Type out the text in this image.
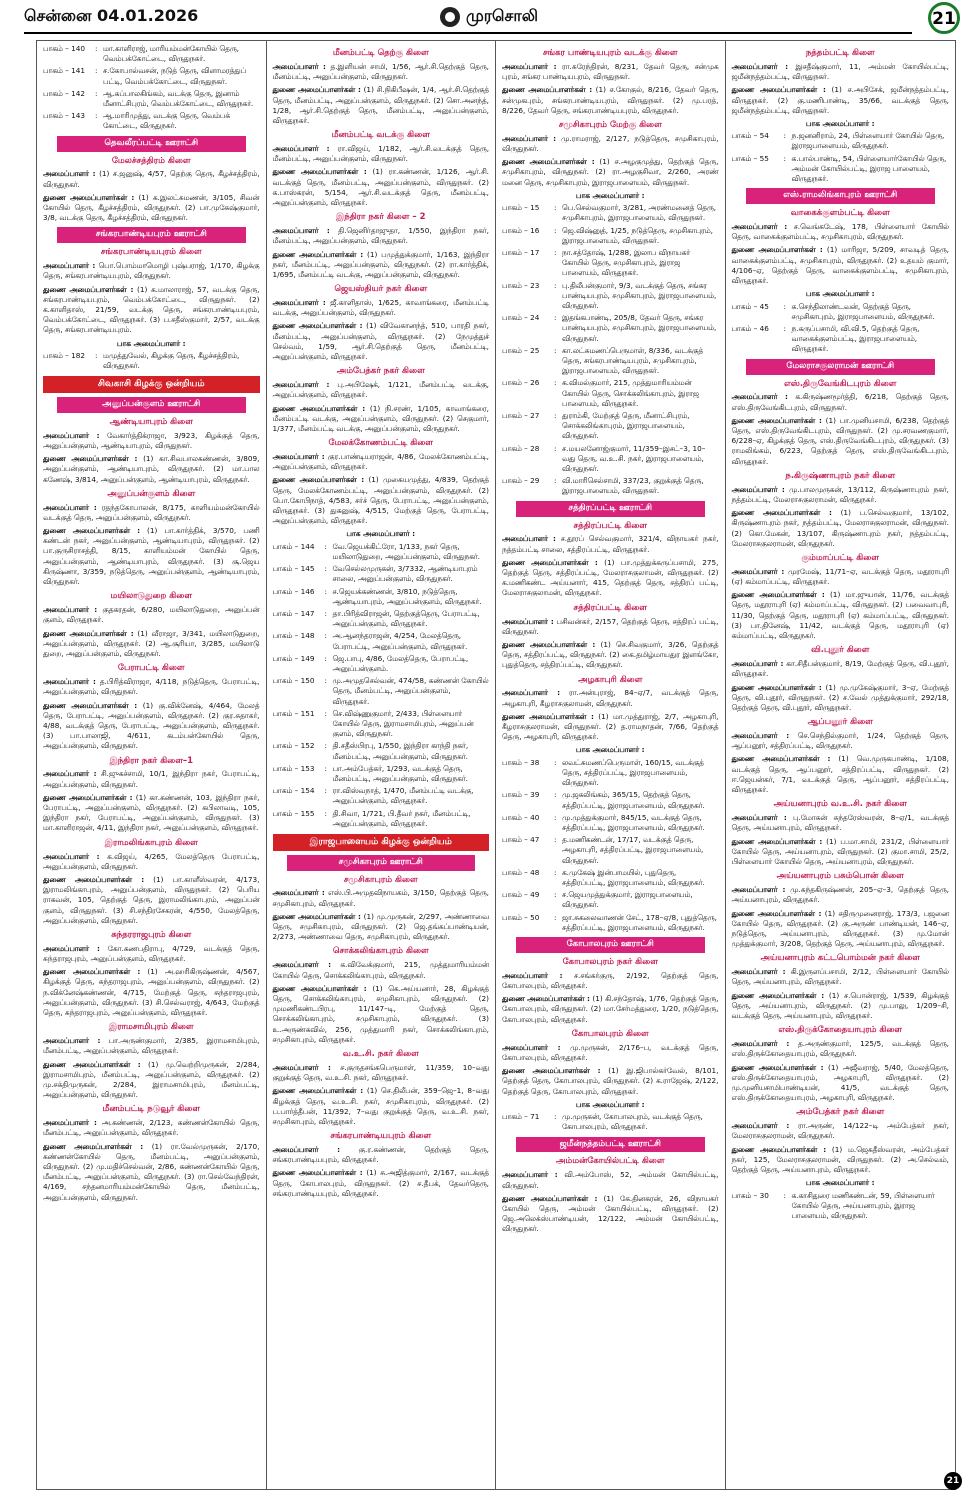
சென்னை 04.01.2026	முரசொலி	21
பாகம் – 140	: மா.காளிராஜ், மாரியம்மன்கோயில் தெரு, வெம்பக்கோட்டை, விருதுநகர்.
பாகம் – 141	: ச.கோபால்வசன், நடுத் தெரு, விளாமரத்துப் பட்டி, வெம்பக்கோட்டை, விருதுநகர்.
பாகம் – 142	: ஆ.கப்பாலகிங்கம், வடக்கு தெரு, இனாம் மீனாட்சிபுரம், வெம்பக்கோட்டை, விருதுநகர்.
பாகம் – 143	: ஆ.மாரிமுத்து, வடக்கு தெரு, வெம்பக் கோட்டை, விருதுநகர்.
தெவலீரப்பட்டி ஊராட்சி
மேலச்சத்திரம் கிளை
அமைப்பாளர் : (1) ச.ஜனுஷ், 4/57, தெற்கு தெரு, கீழச்சத்திரம், விருதுநகர்.
துணை அமைப்பாளர்கள் : (1) க.இலட்சுமணன், 3/105, சிவன் கோயில் தெரு, கீழச்சத்திரம், விருதுநகர். (2) பா.முகேஷ்குமார், 3/8, வடக்கு தெரு, கீழச்சத்திரம், விருதுநகர்.
சங்கரபாண்டியபுரம் ஊராட்சி
சங்கரபாண்டியபுரம் கிளை
அமைப்பாளர் : பொ.பொம்மாமொழி புஷ்பராஜ், 1/170, கிழக்கு தெரு, சங்கரபாண்டியபுரம், விருதுநகர்.
துணை அமைப்பாளர்கள் : (1) க.மாலாராஜ், 57, வடக்கு தெரு, சங்கரபாண்டியபுரம், வெம்பக்கோட்டை, விருதுநகர். (2) க.காளிதாஸ், 21/59, வடக்கு தெரு, சங்கரபாண்டியபுரம், வெம்பக்கோட்டை, விருதுநகர். (3) ப.சதீஸ்குமார், 2/57, வடக்கு தெரு, சங்கரபாண்டியபுரம்.
பாக அமைப்பாளர் :
பாகம் – 182	: மமுத்துவேல், கிழக்கு தெரு, கீழச்சத்திரம், விருதுநகர்.
சிவகாசி கிழக்கு ஒன்றியம்
அனுப்பன்குளம் ஊராட்சி
ஆண்டியாபுரம் கிளை
அமைப்பாளர் : வேகார்த்திக்ராஜா, 3/923, கிழக்குத் தெரு, அனுப்பன்குளம், ஆண்டியாபுரம், விருதுநகர்.
துணை அமைப்பாளர்கள் : (1) கா.சிவபாலகண்ணன், 3/809, அனுப்பன்குளம், ஆண்டியாபுரம், விருதுநகர். (2) மா.பால கணேஷ், 3/814, அனுப்பன்குளம், ஆண்டியாபுரம், விருதுநகர்.
அனுப்பன்குளம் கிளை
அமைப்பாளர் : ரதந்தகோபாலன், 8/175, காளியம்மன்கோயில் வடக்குத் தெரு, அனுப்பன்குளம், விருதுநகர்.
துணை அமைப்பாளர்கள் : (1) பா.கார்த்திக், 3/570, பணி கண்டன் நகர், அனுப்பன்குளம், ஆண்டியாபுரம், விருதுநகர். (2) பா.குருசிராசத்தி, 8/15, காளியம்மன் கோயில் தெரு, அனுப்பன்குளம், ஆண்டியாபுரம், விருதுநகர். (3) சூ.ஜெய கிருஷ்ணா, 3/359, நடுத்தெரு, அனுப்பன்குளம், ஆண்டியாபுரம், விருதுநகர்.
மயிலாடுதுறை கிளை
அமைப்பாளர் : குதகரதன், 6/280, மயிலாடுதுறை, அனுப்பன் குளம், விருதுநகர்.
துணை அமைப்பாளர்கள் : (1) வீராஜா, 3/341, மயிலாடுதுறை, அனுப்பன்குளம், விருதுநகர். (2) ஆ.சூரியா, 3/285, மயிலாடு துறை, அனுப்பன்குளம், விருதுநகர்.
பேராபட்டி கிளை
அமைப்பாளர் : த.பிரித்விராஜா, 4/118, நடுத்தெரு, பேராபட்டி, அனுப்பன்குளம், விருதுநகர்.
துணை அமைப்பாளர்கள் : (1) கு.விக்னேஷ், 4/464, மேலத் தெரு, பேராபட்டி, அனுப்பன்குளம், விருதுநகர். (2) குர.சுதாகர், 4/88, வடக்குத் தெரு, பேராபட்டி, அனுப்பன்குளம், விருதுநகர். (3) பா.பாலாஜி, 4/611, கடம்பன்கோயில் தெரு, அனுப்பன்குளம், விருதுநகர்.
இந்திரா நகர் கிளை–1
அமைப்பாளர் : சி.ஜுகச்சாமி, 10/1, இந்திரா நகர், பேராபட்டி, அனுப்பன்குளம், விருதுநகர்.
துணை அமைப்பாளர்கள் : (1) கா.கண்ணன், 103, இந்திரா நகர், பேராபட்டி, அனுப்பன்குளம், விருதுநகர். (2) கபிலாவடி, 105, இந்திரா நகர், பேராபட்டி, அனுப்பன்குளம், விருதுநகர். (3) மா.காளிராஜன், 4/11, இந்திரா நகர், அனுப்பன்குளம், விருதுநகர்.
இராமலிங்காபுரம் கிளை
அமைப்பாளர் : க.விஜய், 4/265, மேலத்தெரு பேராபட்டி, அனுப்பன்குளம், விருதுநகர்.
துணை அமைப்பாளர்கள் : (1) பா.காளீஸ்வரன், 4/173, இராமலிங்காபுரம், அனுப்பன்குளம், விருதுநகர். (2) பெரிய ராகவன், 105, தெற்குத் தெரு, இராமலிங்காபுரம், அனுப்பன் குளம், விருதுநகர். (3) சி.சந்திரசேகரன், 4/550, மேலத்தெரு, அனுப்பன்குளம், விருதுநகர்.
சுந்தரராஜபுரம் கிளை
அமைப்பாளர் : கோ.கணபதிராபு, 4/729, வடக்குத் தெரு, சுந்தராஜபுரம், அனுப்பன்குளம், விருதுநகர்.
துணை அமைப்பாளர்கள் : (1) அ.ஹரிகிருஷ்ணன், 4/567, கிழக்குத் தெரு, சுந்தராஜபுரம், அனுப்பன்குளம், விருதுநகர். (2) ந.விக்னேஷ்கண்ணன், 4/715, மேற்குத் தெரு, சுந்தராஜபுரம், அனுப்பன்குளம், விருதுநகர். (3) சி.செல்வராஜ், 4/643, மேற்குத் தெரு, சுந்தராஜபுரம், அனுப்பன்குளம், விருதுநகர்.
இராமசாமிபுரம் கிளை
அமைப்பாளர் : பா.அருண்குமார், 2/385, இராமசாமிபுரம், மீனம்பட்டி, அனுப்பன்குளம், விருதுநகர்.
துணை அமைப்பாளர்கள் : (1) மு.வெற்றிமுருகன், 2/284, இராமசாமிபுரம், மீனம்பட்டி, அனுப்பன்குளம், விருதுநகர். (2) மு.சக்திமுருகன், 2/284, இராமசாமிபுரம், மீனம்பட்டி, அனுப்பன்குளம், விருதுநகர்.
மீனம்பட்டி நடுவூர் கிளை
அமைப்பாளர் : அ.கண்ணன், 2/123, கண்ணன்கோயில் தெரு, மீனம்பட்டி, அனுப்பன்குளம், விருதுநகர்.
துணை அமைப்பாளர்கள் : (1) ரா.வேல்முருகன், 2/170, கண்ணன்கோயில் தெரு, மீனம்பட்டி, அனுப்பன்குளம், விருதுநகர். (2) மு.மதிச்செல்வன், 2/86, கண்ணன்கோயில் தெரு, மீனம்பட்டி, அனுப்பன்குளம், விருதுநகர். (3) ரா.செல்வேந்திரன், 4/169, சந்தனமாரியம்மன்கோயில் தெரு, மீனம்பட்டி, அனுப்பன்குளம், விருதுநகர்.
மீனம்பட்டி தெற்கு கிளை
அமைப்பாளர் : த.இளியன் சாமி, 1/56, ஆர்.சி.தெற்குத் தெரு, மீனம்பட்டி, அனுப்பன்குளம், விருதுநகர்.
துணை அமைப்பாளர்கள் : (1) சி.நிகிபீஷன், 1/4, ஆர்.சி.தெற்குத் தெரு, மீனம்பட்டி, அனுப்பன்குளம், விருதுநகர். (2) சொ.அனந்த், 1/28, ஆர்.சி.தெற்குத் தெரு, மீனம்பட்டி, அனுப்பன்குளம், விருதுநகர்.
மீனம்பட்டி வடக்கு கிளை
அமைப்பாளர் : ரா.விஜய், 1/182, ஆர்.சி.வடக்குத் தெரு, மீனம்பட்டி, அனுப்பன்குளம், விருதுநகர்.
துணை அமைப்பாளர்கள் : (1) ரா.கண்ணன், 1/126, ஆர்.சி. வடக்குத் தெரு, மீனம்பட்டி, அனுப்பன்குளம், விருதுநகர். (2) க.பாஸ்கரன், 5/154, ஆர்.சி.வடக்குத் தெரு, மீனம்பட்டி, அனுப்பன்குளம், விருதுநகர்.
இந்திரா நகர் கிளை – 2
அமைப்பாளர் : தி.ஜெனிர்தாஜுதா, 1/550, இந்திரா நகர், மீனம்பட்டி, அனுப்பன்குளம், விருதுநகர்.
துணை அமைப்பாளர்கள் : (1) பமுத்துக்குமார், 1/163, இந்திரா நகர், மீனம்பட்டி, அனுப்பன்குளம், விருதுநகர். (2) ரா.கார்த்திக், 1/695, மீனம்பட்டி வடக்கு, அனுப்பன்குளம், விருதுநகர்.
ஜெயஸ்தியர் நகர் கிளை
அமைப்பாளர் : ஜீ.காளிதாஸ், 1/625, காவாங்கரை, மீனம்பட்டி வடக்கு, அனுப்பன்குளம், விருதுநகர்.
துணை அமைப்பாளர்கள் : (1) விவேகானந்த், 510, பாரதி நகர், மீனம்பட்டி, அனுப்பன்குளம், விருதுநகர். (2) நேமுத்துச் செல்வம், 1/59, ஆர்.சி.தெற்குத் தெரு, மீனம்பட்டி, அனுப்பன்குளம், விருதுநகர்.
அம்பேத்கர் நகர் கிளை
அமைப்பாளர் : பு.அபிஷேக், 1/121, மீனம்பட்டி வடக்கு, அனுப்பன்குளம், விருதுநகர்.
துணை அமைப்பாளர்கள் : (1) நி.சரண், 1/105, காவாங்கரை, மீனம்பட்டி வடக்கு, அனுப்பன்குளம், விருதுநகர். (2) செகுமார், 1/377, மீனம்பட்டி வடக்கு, அனுப்பன்குளம், விருதுநகர்.
மேலக்கோணம்பட்டி கிளை
அமைப்பாளர் : குர.பாண்டியராஜன், 4/86, மேலக்கோணம்பட்டி, அனுப்பன்குளம், விருதுநகர்.
துணை அமைப்பாளர்கள் : (1) முகையமுத்து, 4/839, தெற்குத் தெரு, மேலக்கோணம்பட்டி, அனுப்பன்குளம், விருதுநகர். (2) பொ.கோபிநாத், 4/583, சர்ச் தெரு, பேராபட்டி, அனுப்பன்குளம், விருதுநகர். (3) துகனுஷ், 4/515, மேற்குத் தெரு, பேராபட்டி, அனுப்பன்குளம், விருதுநகர்.
பாக அமைப்பாளர் :
பாகம் – 144	: வே.ஜெயக்கிட்ரோ, 1/133, நகர் தெரு, மயிலாடுதுறை, அனுப்பன்குளம், விருதுநகர்.
பாகம் – 145	: வேசெல்லமுருகன், 3/7332, ஆண்டியாபுரம் சாலை, அனுப்பன்குளம், விருதுநகர்.
பாகம் – 146	: ச.ஜெயக்கண்ணன், 3/810, நடுத்தெரு, ஆண்டியாபுரம், அனுப்பன்குளம், விருதுநகர்.
பாகம் – 147	: தா.பிரித்விராஜன், தெற்குத்தெரு, பேராபட்டி, அனுப்பன்குளம், விருதுநகர்.
பாகம் – 148	: அ.ஆனந்தராஜன், 4/254, மேலத்தெரு, பேராபட்டி, அனுப்பன்குளம், விருதுநகர்.
பாகம் – 149	: ஜெ.பாபு, 4/86, மேலத்தெரு, பேராபட்டி, அனுப்பன்குளம்.
பாகம் – 150	: மு.அமுதசெல்வன், 474/58, கண்ணன் கோயில் தெரு, மீனம்பட்டி, அனுப்பன்குளம், விருதுநகர்.
பாகம் – 151	: செ.விஷ்ணுகுமார், 2/433, பிள்ளையார் கோயில் தெரு, இராமசாமிபுரம், அனுப்பன் குளம், விருதுநகர்.
பாகம் – 152	: தி.சதீஸ்பிரபு, 1/550, இந்திரா காந்தி நகர், மீனம்பட்டி, அனுப்பன்குளம், விருதுநகர்.
பாகம் – 153	: பா.அம்பேத்கர், 1/293, வடக்குத் தெரு, மீனம்பட்டி, அனுப்பன்குளம், விருதுநகர்.
பாகம் – 154	: ரா.விஸ்வநாத், 1/470, மீனம்பட்டி வடக்கு, அனுப்பன்குளம், விருதுநகர்.
பாகம் – 155	: தி.சிவா, 1/721, பி.தீவர் நகர், மீனம்பட்டி, அனுப்பன்குளம், விருதுநகர்.
இராஜபாளையம் கிழக்கு ஒன்றியம்
சமுசிகாபுரம் ஊராட்சி
சமுசிகாபுரம் கிளை
அமைப்பாளர் : எஸ்.பி.அமுதவிநாயகம், 3/150, தெற்குத் தெரு, சமுசிகாபுரம், விருதுநகர்.
துணை அமைப்பாளர்கள் : (1) மு.முருகன், 2/297, அண்ணாவை தெரு, சமுசிகாபுரம், விருதுநகர். (2) ஜெ.தங்கப்பாண்டியன், 2/273, அண்ணாவை தெரு, சமுசிகாபுரம், விருதுநகர்.
சொக்கலிங்காபுரம் கிளை
அமைப்பாளர் : க.விவேக்குமார், 215, முத்துமாரியம்மன் கோயில் தெரு, சொக்கலிங்காபுரம், விருதுநகர்.
துணை அமைப்பாளர்கள் : (1) கெ.அய்யனார், 28, கிழக்குத் தெரு, சொக்கலிங்காபுரம், சமுசிகாபுரம், விருதுநகர். (2) முமணிகண்டபிரபு, 11/147–டி, மேற்குத் தெரு, சொக்கலிங்காபுரம், சமுசிகாபுரம், விருதுநகர். (3) உ.அருண்கவில், 256, முத்துமாரி நகர், சொக்கலிங்காபுரம், சமுசிகாபுரம், விருதுநகர்.
வ.உ.சி. நகர் கிளை
அமைப்பாளர் : ச.குருதசங்கபெருமாள், 11/359, 10–வது குறுக்குத் தெரு, வ.உ.சி. நகர், விருதுநகர்.
துணை அமைப்பாளர்கள் : (1) செ.திலீபன், 359–ஜெ–1, 8–வது கிழக்குத் தெரு, வ.உ.சி. நகர், சமுசிகாபுரம், விருதுநகர். (2) ப.பார்த்தீபன், 11/392, 7–வது குறுக்குத் தெரு, வ.உ.சி. நகர், சமுசிகாபுரம், விருதுநகர்.
சங்கரபாண்டியபுரம் கிளை
அமைப்பாளர் :	கு.ர.கண்ணன், தெற்குத் தெரு, சங்கரபாண்டியபுரம், விருதுநகர்.
துணை அமைப்பாளர்கள் : (1) சு.அஜித்குமார், 2/167, வடக்குத் தெரு, கோபாலபுரம், விருதுநகர். (2) ச.தீபக், தேவர்தெரு, சங்கரபாண்டியபுரம், விருதுநகர்.
சங்கர பாண்டியபுரம் வடக்கு கிளை
அமைப்பாளர் : ரா.சுரேந்திரன், 8/231, தேவர் தெரு, சன்முக புரம், சங்கர பாண்டியபுரம், விருதுநகர்.
துணை அமைப்பாளர்கள் : (1) ச.கோகுல், 8/216, தேவர் தெரு, சன்முகபுரம், சங்கரபாண்டியபுரம், விருதுநகர். (2) மு.பரத், 8/226, தேவர் தெரு, சங்கரபாண்டியபுரம், விருதுநகர்.
சமுசிகாபுரம் மேற்கு கிளை
அமைப்பாளர் : மு.ராமராஜ், 2/127, நடுத்தெரு, சமுசிகாபுரம், விருதுநகர்.
துணை அமைப்பாளர்கள் : (1) ச.அழகுமுத்து, தெற்குத் தெரு, சமுசிகாபுரம், விருதுநகர். (2) ரா.அழகுசிவா, 2/260, அரண் மனை தெரு, சமுசிகாபுரம், இராஜபாளையம், விருதுநகர்.
பாக அமைப்பாளர் :
பாகம் – 15	: பெ.செல்வகுமார், 3/281, அரண்மனைத் தெரு, சமுசிகாபுரம், இராஜபாளையம், விருதுநகர்.
பாகம் – 16	: ஜெ.விஷ்னுத், 1/25, நடுத்தெரு, சமுசிகாபுரம், இராஜபாளையம், விருதுநகர்.
பாகம் – 17	: நா.சத்தோஷ், 1/288, இலாப விநாயகர் கோயில் தெரு, சமுசிகாபுரம், இராஜ பாளையம், விருதுநகர்.
பாகம் – 23	: பு.திலீபன்குமார், 9/3, வடக்குத் தெரு, சங்கர பாண்டியபுரம், சமுசிகாபுரம், இராஜபாளையம், விருதுநகர்.
பாகம் – 24	: இதங்கபாண்டி, 205/8, தேவர் தெரு, சங்கர பாண்டியபுரம், சமுசிகாபுரம், இராஜபாளையம், விருதுநகர்.
பாகம் – 25	: கா.லட்சுமணப்பெருமாள், 8/336, வடக்குத் தெரு, சங்கரபாண்டியபுரம், சமுசிகாபுரம், இராஜபாளையம், விருதுநகர்.
பாகம் – 26	: க.விமல்குமார், 215, முத்துமாரியம்மன் கோயில் தெரு, சொக்கலிங்காபுரம், இராஜ பாளையம், விருதுநகர்.
பாகம் – 27	: துராம்கி, மேற்குத் தெரு, மீனாட்சிபுரம், சொக்கலிங்காபுரம், இராஜபாளையம், விருதுநகர்.
பாகம் – 28	: ச.மயலனோஜ்குமார், 11/359–இசட்–3, 10–வது தெரு, வ.உ.சி. நகர், இராஜபாளையம், விருதுநகர்.
பாகம் – 29	: வி.மாரிசெல்சாமி, 337/23, குறுக்குத் தெரு, இராஜபாளையம், விருதுநகர்.
சத்திரப்பட்டி ஊராட்சி
சத்திரப்பட்டி கிளை
அமைப்பாளர் : ச.தூரப் செல்வகுமார், 321/4, விநாயகர் நகர், நத்தம்பட்டி சாலை, சத்திரப்பட்டி, விருதுநகர்.
துணை அமைப்பாளர்கள் : (1) பா.முத்துக்கருப்பசாமி, 275, தெற்குத் தெரு, சத்திரப்பட்டி, மேலராசகுலாமன், விருதுநகர். (2) க.மணிகண்ட அய்யனார், 415, தெற்குத் தெரு, சத்திரப் பட்டி, மேலராசகுலாமன், விருதுநகர்.
சத்திரப்பட்டி கிளை
அமைப்பாளர் : பசிவன்கர், 2/157, தெற்குத் தெரு, சத்திரப் பட்டி, விருதுநகர்.
துணை அமைப்பாளர்கள் : (1) செ.சிவகுமார், 3/26, தெற்குத் தெரு, சத்திரப்பட்டி, விருதுநகர். (2) கை.தமிழ்மாயதுர இளங்கோ, புதுத்தெரு, சத்திரப்பட்டி, விருதுநகர்.
அழகாபுரி கிளை
அமைப்பாளர் : ரா.அன்புராஜ், 84–ஏ/7, வடக்குத் தெரு, அழகாபுரி, கீழராசகுலாமன், விருதுநகர்.
துணை அமைப்பாளர்கள் : (1) மா.முத்துராஜ், 2/7, அழகாபுரி, கீழராசகுலராமன், விருதுநகர். (2) த.ராமநாதன், 7/66, தெற்குத் தெரு, அழகாபுரி, விருதுநகர்.
பாக அமைப்பாளர் :
பாகம் – 38	: லவட்சுமணப்பெருமாள், 160/15, வடக்குத் தெரு, சத்திரப்பட்டி, இராஜபாளையம், விருதுநகர்.
பாகம் – 39	: மு.ஜகலிங்கம், 365/15, தெற்குத் தெரு, சத்திரப்பட்டி, இராஜபாளையம், விருதுநகர்.
பாகம் – 40	: மு.முத்துக்குமார், 845/15, வடக்குத் தெரு, சத்திரப்பட்டி, இராஜபாளையம், விருதுநகர்.
பாகம் – 47	: த.மணிகண்டன், 17/17, வடக்குத் தெரு, அழகாபுரி, சத்திரப்பட்டி, இராஜபாளையம், விருதுநகர்.
பாகம் – 48	: க.முகேஷ் இன்பாமயில், புதுதெரு, சத்திரப்பட்டி, இராஜபாளையம், விருதுநகர்.
பாகம் – 49	: ச.ஜெயமுத்துக்குமார், இராஜபாளையம், விருதுநகர்.
பாகம் – 50	: ஜா.சுகலைவாணன் சேட், 178–ஏ/8, புதுத்தெரு, சத்திரப்பட்டி, இராஜபாளையம், விருதுநகர்.
கோபாலபுரம் ஊராட்சி
கோபாலபுரம் நகர் கிளை
அமைப்பாளர் : ச.சங்கர்குரு, 2/192, தெற்குத் தெரு, கோபாலபுரம், விருதுநகர்.
துணை அமைப்பாளர்கள் : (1) கி.சந்தோஷ், 1/76, தெற்குத் தெரு, கோபாலபுரம், விருதுநகர். (2) மா.சேர்மத்துரை, 1/20, நடுத்தெரு, கோபாலபுரம், விருதுநகர்.
கோபாலபுரம் கிளை
அமைப்பாளர் : மு.முருகன், 2/176–ப, வடக்குத் தெரு, கோபாலபுரம், விருதுநகர்.
துணை அமைப்பாளர்கள் : (1) இ.ஜிபால்கர்வேல், 8/101, தெற்குத் தெரு, கோபாலபுரம், விருதுநகர். (2) க.ராஜேஷ், 2/122, தெற்குத் தெரு, கோபாலபுரம், விருதுநகர்.
பாக அமைப்பாளர் :
பாகம் – 71	: மு.முருகன், கோபாலபுரம், வடக்குத் தெரு, கோபாலபுரம், விருதுநகர்.
ஜமீன்நத்தம்பட்டி ஊராட்சி
அம்மன்கோயில்பட்டி கிளை
அமைப்பாளர் : வி.அம்போஸ், 52, அம்மன் கோயில்பட்டி, விருதுநகர்.
துணை அமைப்பாளர்கள் : (1) கே.தினகரன், 26, விநாயகர் கோயில் தெரு, அம்மன் கோயில்பட்டி, விருதுநகர். (2) ஜெ.அலெக்ஸ்பாண்டியன், 12/122, அம்மன் கோயில்பட்டி, விருதுநகர்.
நத்தம்பட்டி கிளை
அமைப்பாளர் : இசதீஷ்குமார், 11, அம்மன் கோயில்பட்டி, ஜமீன்நத்தம்பட்டி, விருதுநகர்.
துணை அமைப்பாளர்கள் : (1) ச.அபிசேக், ஜமீன்நத்தம்பட்டி, விருதுநகர். (2) கு.மணிபாண்டி, 35/66, வடக்குத் தெரு, ஜமீன்நத்தம்பட்டி, விருதுநகர்.
பாக அமைப்பாளர் :
பாகம் – 54	: ந.ஜனனிராம், 24, பிள்ளையார் கோயில் தெரு, இராஜபாளையம், விருதுநகர்.
பாகம் – 55	: க.பால்பாண்டி, 54, பிள்ளையார்கோயில் தெரு, அம்மன் கோயில்பட்டி, இராஜ பாளையம், விருதுநகர்.
எஸ்.ராமலிங்காபுரம் ஊராட்சி
வாகைக்குளம்பட்டி கிளை
அமைப்பாளர் : ச.வெங்கடேஷ், 178, பிள்ளையார் கோயில் தெரு, வாகைக்குளம்பட்டி, சமுசிகாபுரம், விருதுநகர்.
துணை அமைப்பாளர்கள் : (1) மாரிஜா, 5/209, சாவடித் தெரு, வாகைக்குளம்பட்டி, சமுசிகாபுரம், விருதுநகர். (2) உதயம் குமார், 4/106–ஏ, தெற்குத் தெரு, வாகைக்குளம்பட்டி, சமுசிகாபுரம், விருதுநகர்.
பாக அமைப்பாளர் :
பாகம் – 45	: க.செந்திலாண்டவன், தெற்குத் தெரு, சமுசிகாபுரம், இராஜபாளையம், விருதுநகர்.
பாகம் – 46	: ந.கருப்பசாமி, வி.வி.5, தெற்குத் தெரு, வாகைக்குளம்பட்டி, இராஜபாளையம், விருதுநகர்.
மேலராசகுலராமன் ஊராட்சி
எஸ்.திருவேங்கிடபுரம் கிளை
அமைப்பாளர் : க.கிருஷ்ணமூர்த்தி, 6/218, தெற்குத் தெரு, எஸ்.திருவேங்கிடபுரம், விருதுநகர்.
துணை அமைப்பாளர்கள் : (1) பா.முனியசாமி, 6/238, தெற்குத் தெரு, எஸ்.திருவேங்கிடபுரம், விருதுநகர். (2) மு.சரவணகுமார், 6/228–ஏ, கிழக்குத் தெரு, எஸ்.திருவேங்கிடபுரம், விருதுநகர். (3) ராமலிங்கம், 6/223, தெற்குத் தெரு, எஸ்.திருவேங்கிடபுரம், விருதுநகர்.
ந.கிருஷ்ணாபுரம் நகர் கிளை
அமைப்பாளர் : மு.பாலமுருகன், 13/112, கிருஷ்ணாபுரம் நகர், நத்தம்பட்டி, மேலராசகுலராமன், விருதுநகர்.
துணை அமைப்பாளர்கள் : (1) ப.செல்வகுமார், 13/102, கிருஷ்ணாபுரம் நகர், நத்தம்பட்டி, மேலராசகுலராமன், விருதுநகர். (2) கொ.மேகன், 13/107, கிருஷ்ணாபுரம் நகர், நத்தம்பட்டி, மேலராசகுலராமன், விருதுநகர்.
கும்மாப்பட்டி கிளை
அமைப்பாளர் : முரமேஷ், 11/71–ஏ, வடக்குத் தெரு, மதூராபுரி (ஏ) கம்மாப்பட்டி, விருதுநகர்.
துணை அமைப்பாளர்கள் : (1) மா.ஜுயான், 11/76, வடக்குத் தெரு, மதூராபுரி (ஏ) கம்மாப்பட்டி, விருதுநகர். (2) பவைவாபுரி, 11/30, தெற்குத் தெரு, மதூராபுரி (ஏ) கம்மாப்பட்டி, விருதுநகர். (3) பா.தினேஷ், 11/42, வடக்குத் தெரு, மதூராபுரி (ஏ) கம்மாப்பட்டி, விருதுநகர்.
வி.புதூர் கிளை
அமைப்பாளர் : கா.சிதீபன்குமார், 8/19, மேற்குத் தெரு, வி.புதூர், விருதுநகர்.
துணை அமைப்பாளர்கள் : (1) மு.முகேஷ்குமார், 3–ஏ, மேற்குத் தெரு, வி.புதூர், விருதுநகர். (2) ச.வேல் முத்துக்குமார், 292/18, தெற்குத் தெரு, வி.புதூர், விருதுநகர்.
ஆப்பனூர் கிளை
அமைப்பாளர் : செ.செந்தில்குமார், 1/24, தெற்குத் தெரு, ஆப்பனூர், சத்திரப்பட்டி, விருதுநகர்.
துணை அமைப்பாளர்கள் : (1) வெ.முருகபாண்டி, 1/108, வடக்குத் தெரு, ஆப்பனூர், சத்திரப்பட்டி, விருதுநகர். (2) ஈ.ஜெயன்கர், 7/1, வடக்குத் தெரு, ஆப்பனூர், சத்திரப்பட்டி, விருதுநகர்.
அய்யனாபுரம் வ.உ.சி. நகர் கிளை
அமைப்பாளர் : பு.மோகன் சுந்தரேஸ்வரன், 8–ஏ/1, வடக்குத் தெரு, அய்யனாபுரம், விருதுநகர்.
துணை அமைப்பாளர்கள் : (1) ப.மா.சாமி, 231/2, பிள்ளையார் கோயில் தெரு, அய்யனாபுரம், விருதுநகர். (2) குமா.சாமி, 25/2, பிள்ளையார் கோயில் தெரு, அய்யனாபுரம், விருதுநகர்.
அய்யனாபுரம் பசும்பொன் கிளை
அமைப்பாளர் : மு.சுந்தகிருஷ்ணன், 205–ஏ–3, தெற்குத் தெரு, அய்யனாபுரம், விருதுநகர்.
துணை அமைப்பாளர்கள் : (1) சதிருமுனைராஜ், 173/3, பஜனை கோயில் தெரு, விருதுநகர். (2) கு.அருண் பாண்டியன், 146–ஏ, நடுத்தெரு, அய்யனாபுரம், விருதுநகர். (3) மு.மோன் முத்துக்குமார், 3/208, தெற்குத் தெரு, அய்யனாபுரம், விருதுநகர்.
அய்யனாபுரம் கட்டபொம்மன் நகர் கிளை
அமைப்பாளர் : கி.இருளப்பசாமி, 2/12, பிள்ளையார் கோயில் தெரு, அய்யனாபுரம், விருதுநகர்.
துணை அமைப்பாளர்கள் : (1) ச.பொன்ராஜ், 1/539, கிழக்குத் தெரு, அய்யனாபுரம், விருதுநகர். (2) மு.பாலு, 1/209–சி, வடக்குத் தெரு, அய்யனாபுரம், விருதுநகர்.
எஸ்.திருக்கோதையாபுரம் கிளை
அமைப்பாளர் : த.அருண்குமார், 125/5, வடக்குத் தெரு, எஸ்.திருக்கோதையாபுரம், விருதுநகர்.
துணை அமைப்பாளர்கள் : (1) அஜீவராஜ், 5/40, மேலத்தெரு, எஸ்.திருக்கோதையாபுரம், அழகாபுரி, விருதுநகர். (2) மு.முனியசாமிபாண்டியன், 41/5, வடக்குத் தெரு, எஸ்.திருக்கோதையாபுரம், அழகாபுரி, விருதுநகர்.
அம்பேத்கர் நகர் கிளை
அமைப்பாளர் : ரா.அருண், 14/122–டி அம்பேத்கர் நகர், மேலராசகுலராமன், விருதுநகர்.
துணை அமைப்பாளர்கள் : (1) ம.ஜெகதீஸ்வரன், அம்பேத்கர் நகர், 125, மேலராசகுலராமன், விருதுநகர். (2) அ.செல்வம், தெற்குத் தெரு, அய்யனாபுரம், விருதுநகர்.
பாக அமைப்பாளர் :
பாகம் – 30	: க.காசிதுரை மணிகண்டன், 59, பிள்ளையார் கோயில் தெரு, அய்யனாபுரம், இராஜ பாளையம், விருதுநகர்.
21
